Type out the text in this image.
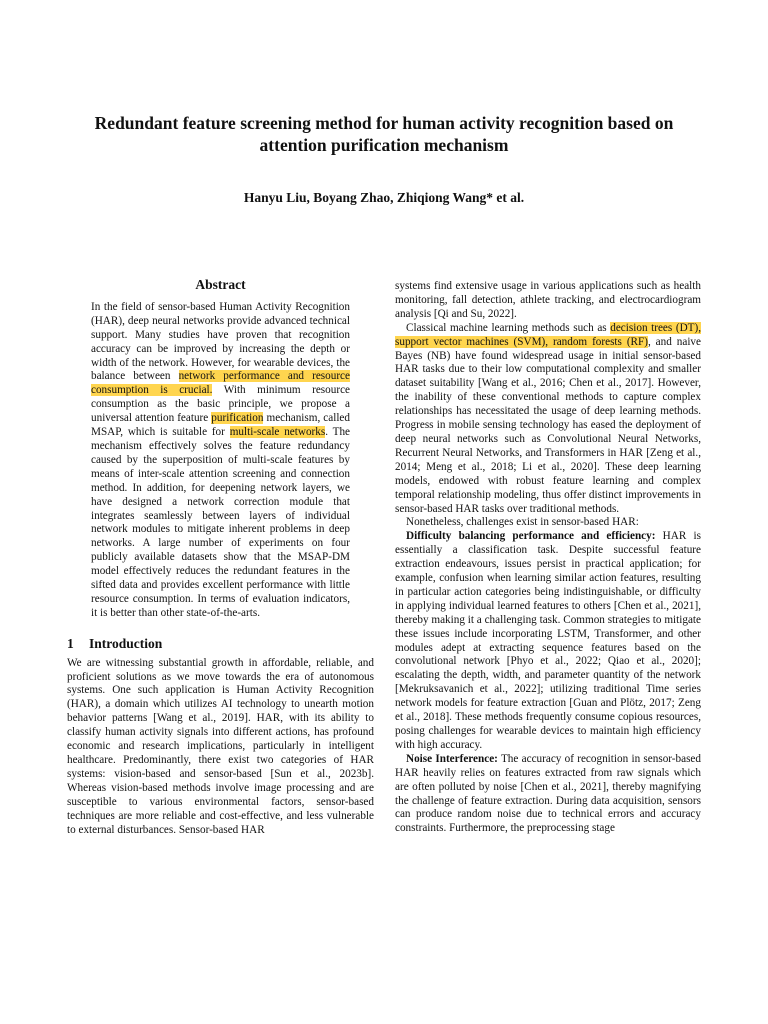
Redundant feature screening method for human activity recognition based on attention purification mechanism
Hanyu Liu, Boyang Zhao, Zhiqiong Wang* et al.
Abstract

In the field of sensor-based Human Activity Recognition (HAR), deep neural networks provide advanced technical support. Many studies have proven that recognition accuracy can be improved by increasing the depth or width of the network. However, for wearable devices, the balance between network performance and resource consumption is crucial. With minimum resource consumption as the basic principle, we propose a universal attention feature purification mechanism, called MSAP, which is suitable for multi-scale networks. The mechanism effectively solves the feature redundancy caused by the superposition of multi-scale features by means of inter-scale attention screening and connection method. In addition, for deepening network layers, we have designed a network correction module that integrates seamlessly between layers of individual network modules to mitigate inherent problems in deep networks. A large number of experiments on four publicly available datasets show that the MSAP-DM model effectively reduces the redundant features in the sifted data and provides excellent performance with little resource consumption. In terms of evaluation indicators, it is better than other state-of-the-arts.

1 Introduction

We are witnessing substantial growth in affordable, reliable, and proficient solutions as we move towards the era of autonomous systems. One such application is Human Activity Recognition (HAR), a domain which utilizes AI technology to unearth motion behavior patterns [Wang et al., 2019]. HAR, with its ability to classify human activity signals into different actions, has profound economic and research implications, particularly in intelligent healthcare. Predominantly, there exist two categories of HAR systems: vision-based and sensor-based [Sun et al., 2023b]. Whereas vision-based methods involve image processing and are susceptible to various environmental factors, sensor-based techniques are more reliable and cost-effective, and less vulnerable to external disturbances. Sensor-based HAR

systems find extensive usage in various applications such as health monitoring, fall detection, athlete tracking, and electrocardiogram analysis [Qi and Su, 2022].

Classical machine learning methods such as decision trees (DT), support vector machines (SVM), random forests (RF), and naive Bayes (NB) have found widespread usage in initial sensor-based HAR tasks due to their low computational complexity and smaller dataset suitability [Wang et al., 2016; Chen et al., 2017]. However, the inability of these conventional methods to capture complex relationships has necessitated the usage of deep learning methods. Progress in mobile sensing technology has eased the deployment of deep neural networks such as Convolutional Neural Networks, Recurrent Neural Networks, and Transformers in HAR [Zeng et al., 2014; Meng et al., 2018; Li et al., 2020]. These deep learning models, endowed with robust feature learning and complex temporal relationship modeling, thus offer distinct improvements in sensor-based HAR tasks over traditional methods.

Nonetheless, challenges exist in sensor-based HAR:

Difficulty balancing performance and efficiency: HAR is essentially a classification task. Despite successful feature extraction endeavours, issues persist in practical application; for example, confusion when learning similar action features, resulting in particular action categories being indistinguishable, or difficulty in applying individual learned features to others [Chen et al., 2021], thereby making it a challenging task. Common strategies to mitigate these issues include incorporating LSTM, Transformer, and other modules adept at extracting sequence features based on the convolutional network [Phyo et al., 2022; Qiao et al., 2020]; escalating the depth, width, and parameter quantity of the network [Mekruksavanich et al., 2022]; utilizing traditional Time series network models for feature extraction [Guan and Plötz, 2017; Zeng et al., 2018]. These methods frequently consume copious resources, posing challenges for wearable devices to maintain high efficiency with high accuracy.

Noise Interference: The accuracy of recognition in sensor-based HAR heavily relies on features extracted from raw signals which are often polluted by noise [Chen et al., 2021], thereby magnifying the challenge of feature extraction. During data acquisition, sensors can produce random noise due to technical errors and accuracy constraints. Furthermore, the preprocessing stage
